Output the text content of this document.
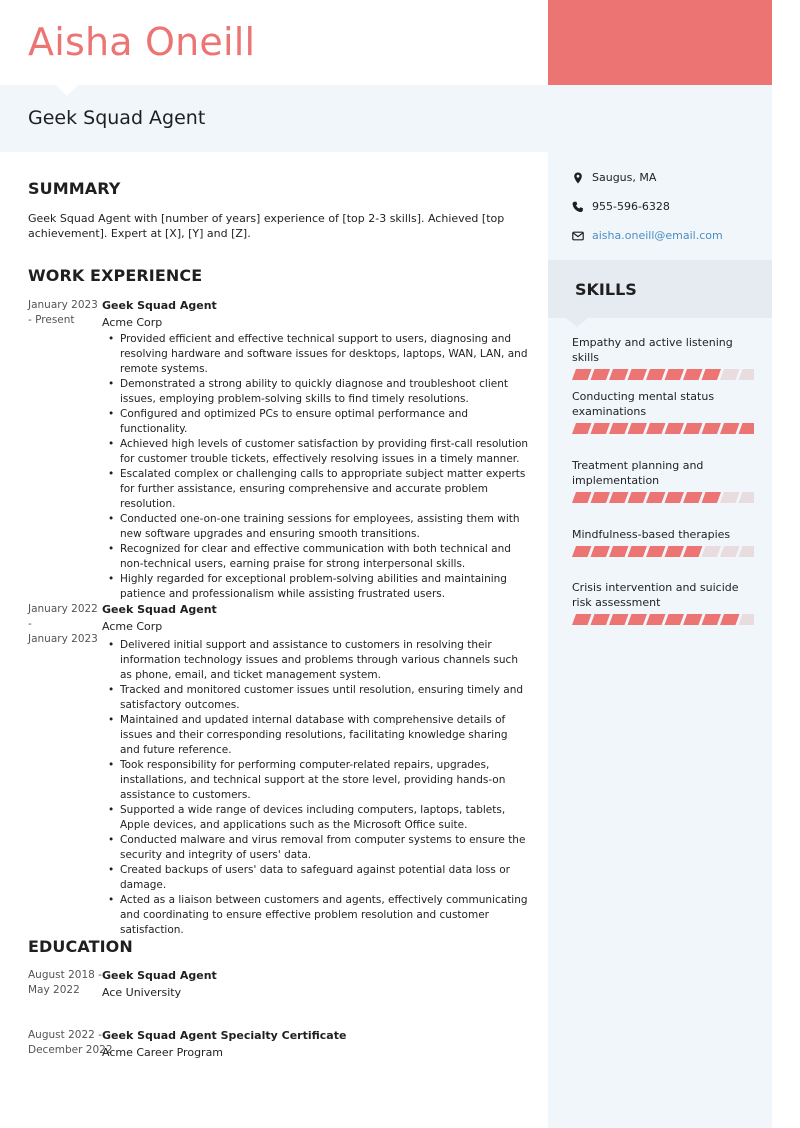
Aisha Oneill
Geek Squad Agent
SUMMARY
Geek Squad Agent with [number of years] experience of [top 2-3 skills]. Achieved [top achievement]. Expert at [X], [Y] and [Z].
WORK EXPERIENCE
January 2023
- Present
Geek Squad Agent
Acme Corp
• Provided efficient and effective technical support to users, diagnosing and resolving hardware and software issues for desktops, laptops, WAN, LAN, and remote systems.
• Demonstrated a strong ability to quickly diagnose and troubleshoot client issues, employing problem-solving skills to find timely resolutions.
• Configured and optimized PCs to ensure optimal performance and functionality.
• Achieved high levels of customer satisfaction by providing first-call resolution for customer trouble tickets, effectively resolving issues in a timely manner.
• Escalated complex or challenging calls to appropriate subject matter experts for further assistance, ensuring comprehensive and accurate problem resolution.
• Conducted one-on-one training sessions for employees, assisting them with new software upgrades and ensuring smooth transitions.
• Recognized for clear and effective communication with both technical and non-technical users, earning praise for strong interpersonal skills.
• Highly regarded for exceptional problem-solving abilities and maintaining patience and professionalism while assisting frustrated users.
January 2022
-
January 2023
Geek Squad Agent
Acme Corp
• Delivered initial support and assistance to customers in resolving their information technology issues and problems through various channels such as phone, email, and ticket management system.
• Tracked and monitored customer issues until resolution, ensuring timely and satisfactory outcomes.
• Maintained and updated internal database with comprehensive details of issues and their corresponding resolutions, facilitating knowledge sharing and future reference.
• Took responsibility for performing computer-related repairs, upgrades, installations, and technical support at the store level, providing hands-on assistance to customers.
• Supported a wide range of devices including computers, laptops, tablets, Apple devices, and applications such as the Microsoft Office suite.
• Conducted malware and virus removal from computer systems to ensure the security and integrity of users' data.
• Created backups of users' data to safeguard against potential data loss or damage.
• Acted as a liaison between customers and agents, effectively communicating and coordinating to ensure effective problem resolution and customer satisfaction.
EDUCATION
August 2018 -
May 2022
Geek Squad Agent
Ace University
August 2022 -
December 2022
Geek Squad Agent Specialty Certificate
Acme Career Program
Saugus, MA
955-596-6328
aisha.oneill@email.com
SKILLS
Empathy and active listening skills
Conducting mental status examinations
Treatment planning and implementation
Mindfulness-based therapies
Crisis intervention and suicide risk assessment
